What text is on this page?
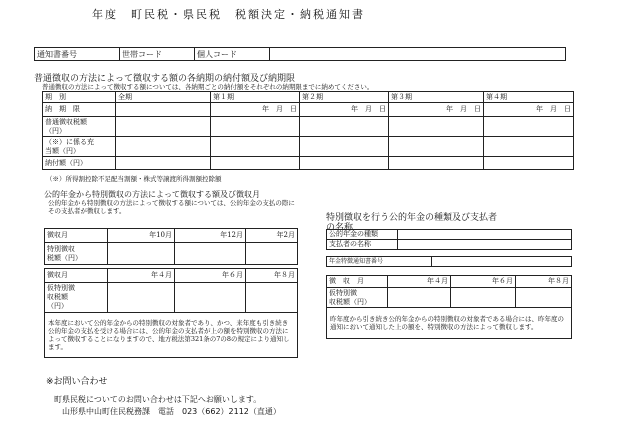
年度　町民税・県民税　税額決定・納税通知書
通知書番号	世帯コード	個人コード	
普通徴収の方法によって徴収する額の各納期の納付額及び納期限
普通徴収の方法によって徴収する額については、各納期ごとの納付額をそれぞれの納期限までに納めてください。
期　別	全期	第１期	第２期	第３期	第４期
納　期　限		年　月　日	年　月　日	年　月　日	年　月　日

普通徴収税額
（円）					

（※）に係る充
当額（円）					

納付額（円）					
（※）所得割控除不足配当割額・株式等譲渡所得割額控除額
公的年金から特別徴収の方法によって徴収する額及び徴収月
公的年金から特別徴収の方法によって徴収する額については、公的年金の支払の際にその支払者が徴収します。
徴収月	年10月	年12月	年2月

特別徴収
税額（円）			

徴収月	年４月	年６月	年８月

仮特別徴
収税額
（円）			

本年度において公的年金からの特別徴収の対象者であり、かつ、来年度も引き続き公的年金の支払を受ける場合には、公的年金の支払者が上の額を特別徴収の方法によって徴収することになりますので、地方税法第321条の7の8の規定により通知します。			
特別徴収を行う公的年金の種類及び支払者
の名称
公的年金の種類	
支払者の名称	
年金特徴通知書番号	
徴　収　月	年４月	年６月	年８月

仮特別徴
収税額（円）			

昨年度から引き続き公的年金からの特別徴収の対象者である場合には、昨年度の通知において通知した上の額を、特別徴収の方法によって徴収します。			
※お問い合わせ
町県民税についてのお問い合わせは下記へお願いします。
山形県中山町住民税務課　電話　023（662）2112（直通）
